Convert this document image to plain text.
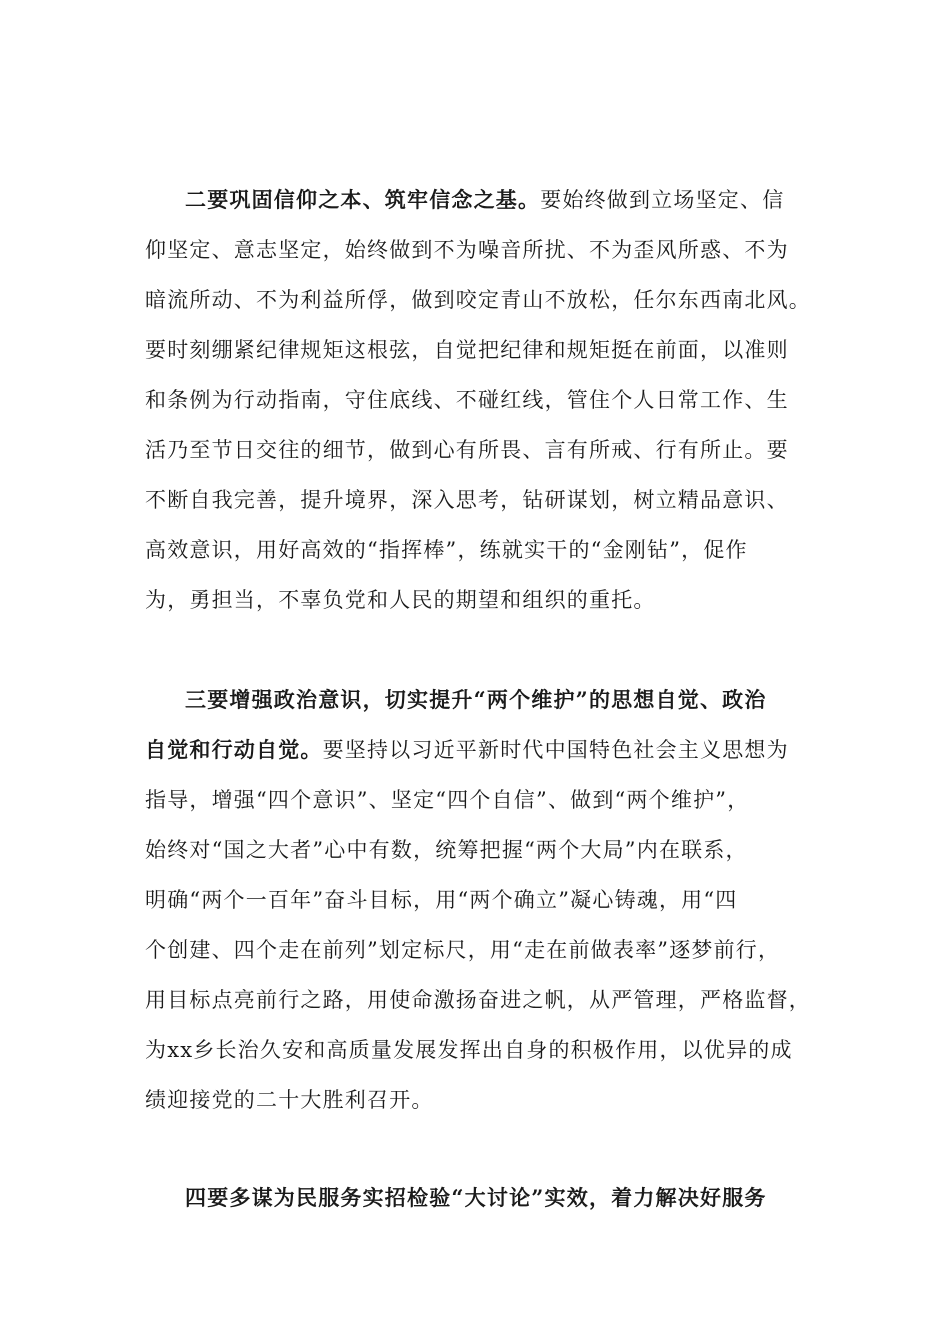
二要巩固信仰之本、筑牢信念之基。要始终做到立场坚定、信
仰坚定、意志坚定，始终做到不为噪音所扰、不为歪风所惑、不为
暗流所动、不为利益所俘，做到咬定青山不放松，任尔东西南北风。
要时刻绷紧纪律规矩这根弦，自觉把纪律和规矩挺在前面，以准则
和条例为行动指南，守住底线、不碰红线，管住个人日常工作、生
活乃至节日交往的细节，做到心有所畏、言有所戒、行有所止。要
不断自我完善，提升境界，深入思考，钻研谋划，树立精品意识、
高效意识，用好高效的“指挥棒”，练就实干的“金刚钻”，促作
为，勇担当，不辜负党和人民的期望和组织的重托。
三要增强政治意识，切实提升“两个维护”的思想自觉、政治
自觉和行动自觉。要坚持以习近平新时代中国特色社会主义思想为
指导，增强“四个意识”、坚定“四个自信”、做到“两个维护”，
始终对“国之大者”心中有数，统筹把握“两个大局”内在联系，
明确“两个一百年”奋斗目标，用“两个确立”凝心铸魂，用“四
个创建、四个走在前列”划定标尺，用“走在前做表率”逐梦前行，
用目标点亮前行之路，用使命激扬奋进之帆，从严管理，严格监督，
为xx乡长治久安和高质量发展发挥出自身的积极作用，以优异的成
绩迎接党的二十大胜利召开。
四要多谋为民服务实招检验“大讨论”实效，着力解决好服务
